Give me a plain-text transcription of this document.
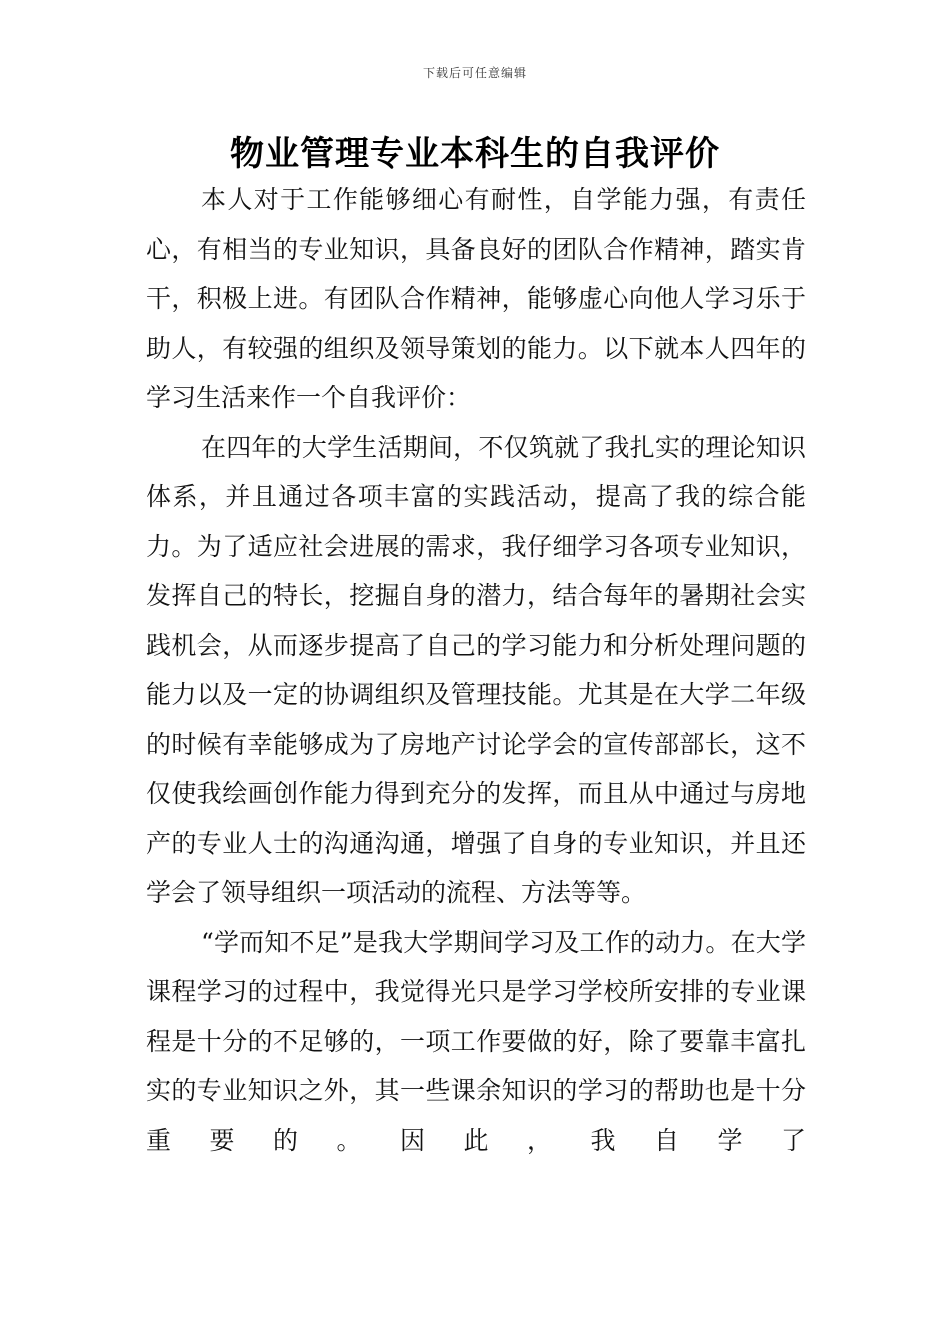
下载后可任意编辑
物业管理专业本科生的自我评价

本人对于工作能够细心有耐性，自学能力强，有责任心，有相当的专业知识，具备良好的团队合作精神，踏实肯干，积极上进。有团队合作精神，能够虚心向他人学习乐于助人，有较强的组织及领导策划的能力。以下就本人四年的学习生活来作一个自我评价：

在四年的大学生活期间，不仅筑就了我扎实的理论知识体系，并且通过各项丰富的实践活动，提高了我的综合能力。为了适应社会进展的需求，我仔细学习各项专业知识，发挥自己的特长，挖掘自身的潜力，结合每年的暑期社会实践机会，从而逐步提高了自己的学习能力和分析处理问题的能力以及一定的协调组织及管理技能。尤其是在大学二年级的时候有幸能够成为了房地产讨论学会的宣传部部长，这不仅使我绘画创作能力得到充分的发挥，而且从中通过与房地产的专业人士的沟通沟通，增强了自身的专业知识，并且还学会了领导组织一项活动的流程、方法等等。

“学而知不足”是我大学期间学习及工作的动力。在大学课程学习的过程中，我觉得光只是学习学校所安排的专业课程是十分的不足够的，一项工作要做的好，除了要靠丰富扎实的专业知识之外，其一些课余知识的学习的帮助也是十分重要的。因此，我自学了
